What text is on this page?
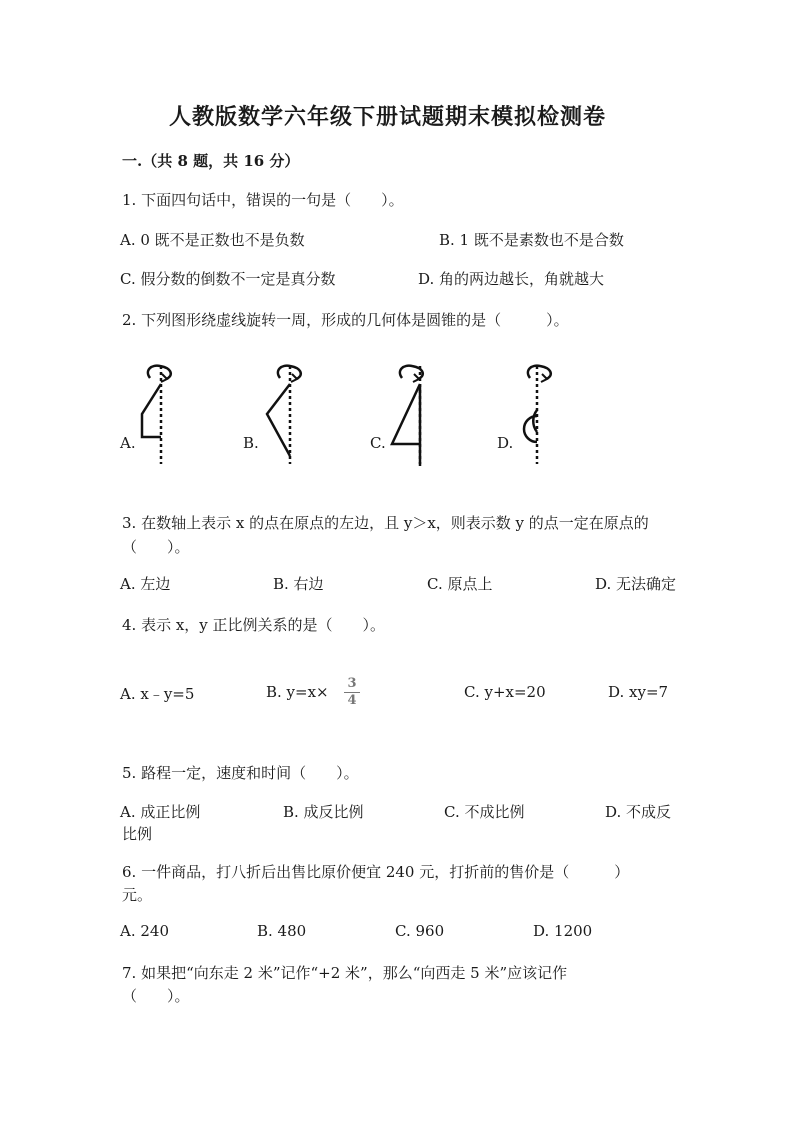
人教版数学六年级下册试题期末模拟检测卷
一.（共 8 题，共 16 分）
1. 下面四句话中，错误的一句是（　　）。
A. 0 既不是正数也不是负数	B. 1 既不是素数也不是合数
C. 假分数的倒数不一定是真分数	D. 角的两边越长，角就越大
2. 下列图形绕虚线旋转一周，形成的几何体是圆锥的是（　　　）。
A.	B.	C.	D.
3. 在数轴上表示 x 的点在原点的左边，且 y＞x，则表示数 y 的点一定在原点的
（　　）。
A. 左边	B. 右边	C. 原点上	D. 无法确定
4. 表示 x，y 正比例关系的是（　　）。
A. x﹣y=5	B. y=x× 3
4	C. y+x=20	D. xy=7
5. 路程一定，速度和时间（　　）。
A. 成正比例	B. 成反比例	C. 不成比例	D. 不成反
比例
6. 一件商品，打八折后出售比原价便宜 240 元，打折前的售价是（　　　）
元。
A. 240	B. 480	C. 960	D. 1200
7. 如果把“向东走 2 米”记作“+2 米”，那么“向西走 5 米”应该记作
（　　）。
